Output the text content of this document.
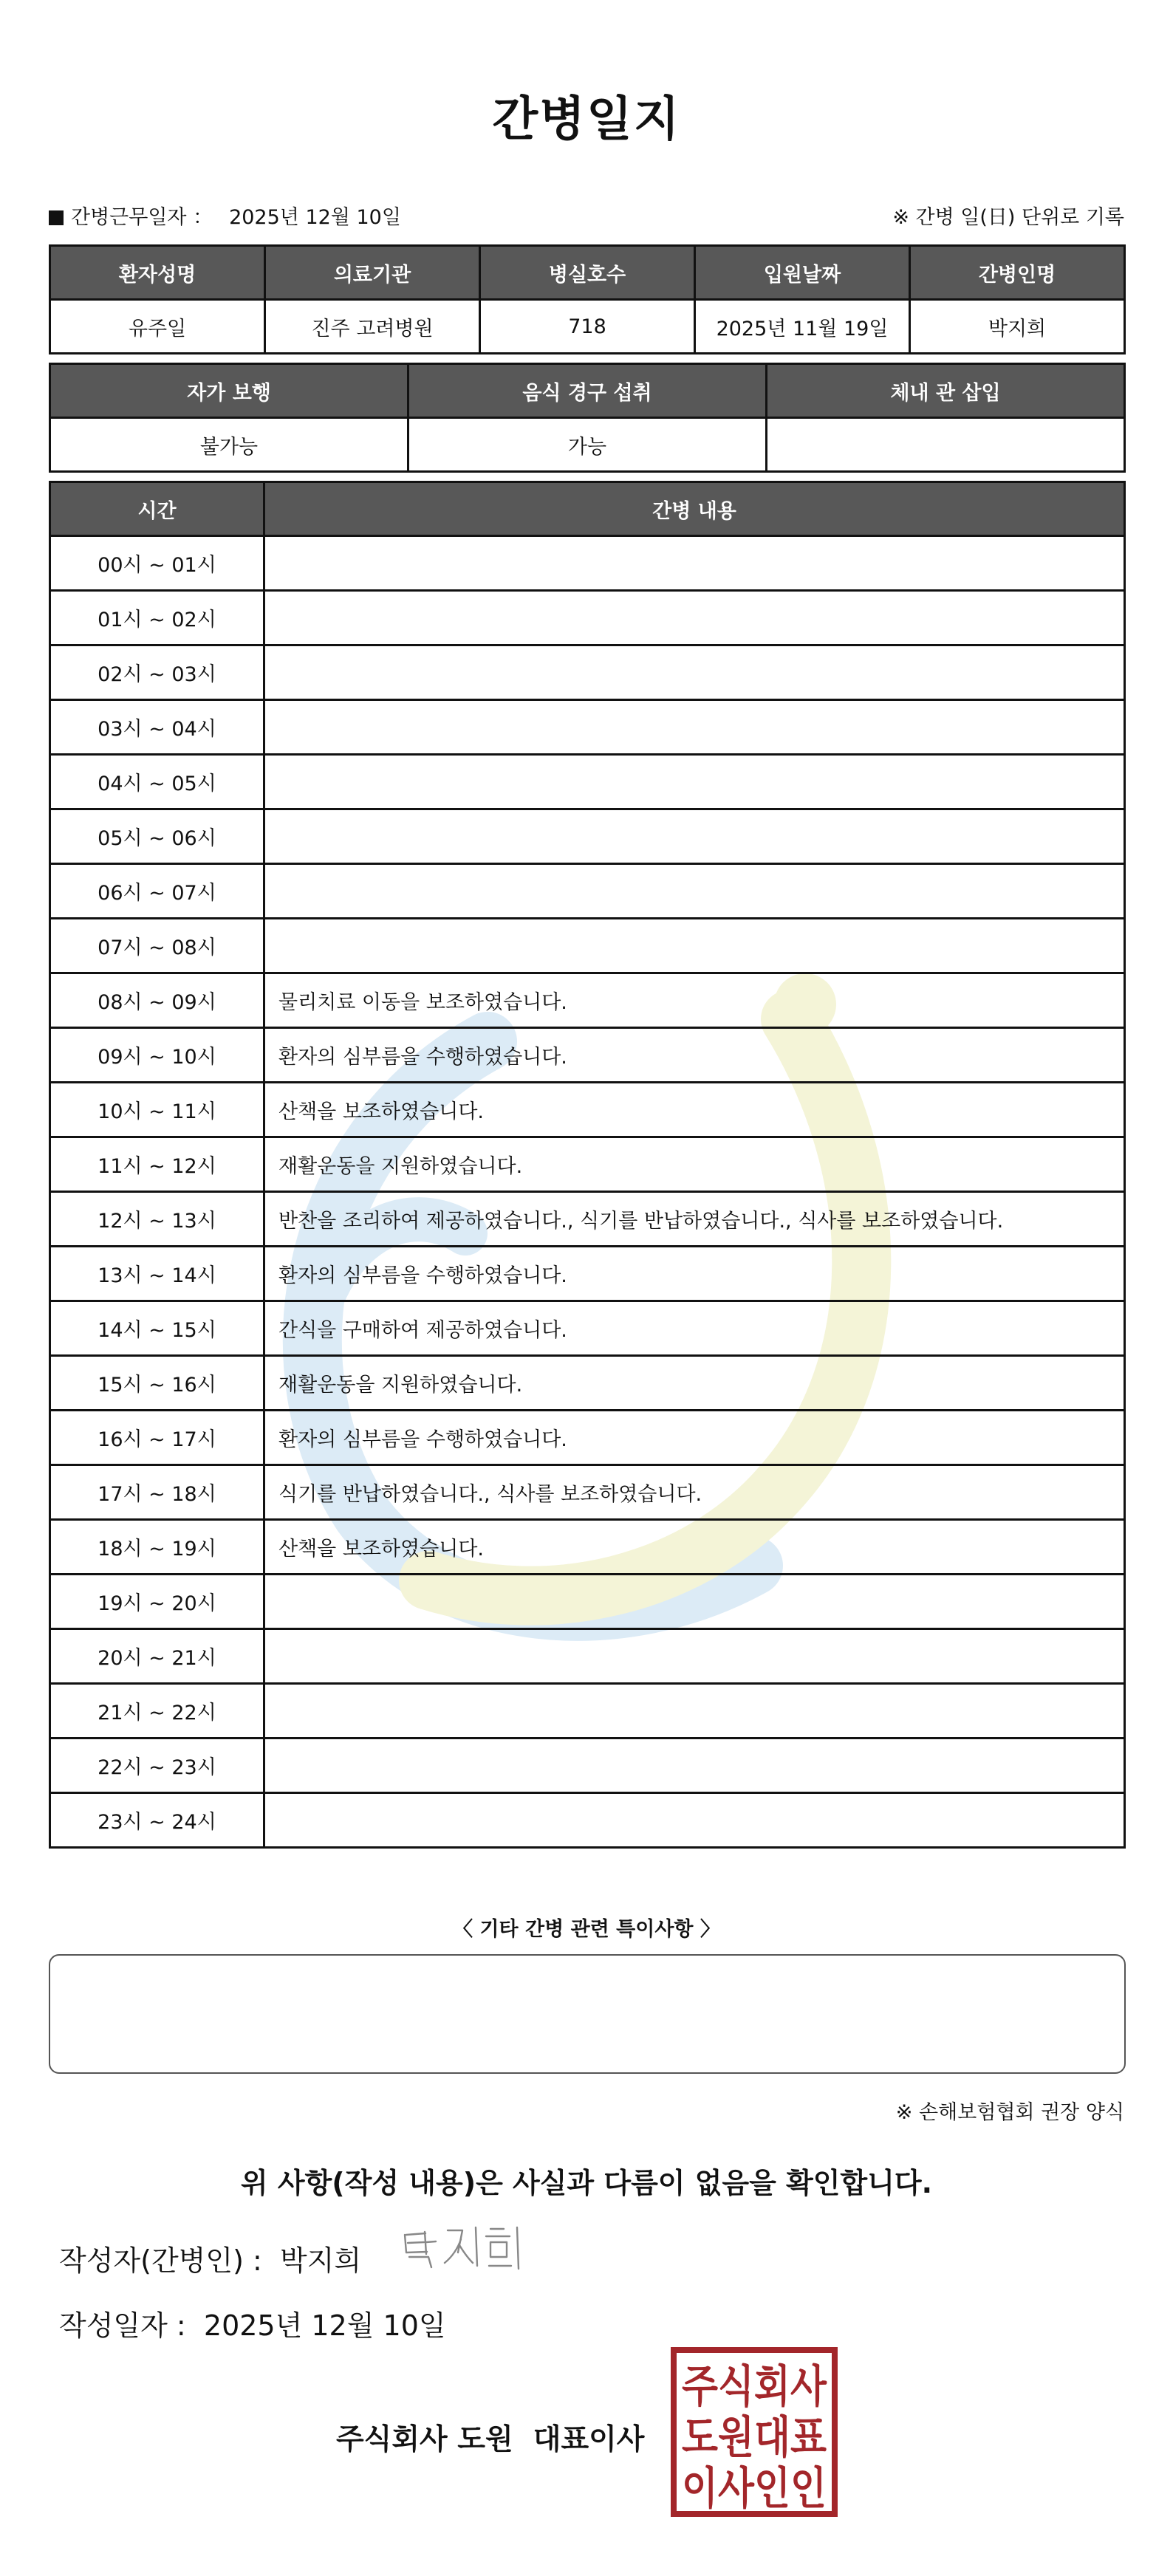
간병일지
간병근무일자 ： 2025년 12월 10일	※ 간병 일(日) 단위로 기록
환자성명	의료기관	병실호수	입원날짜	간병인명
유주일	진주 고려병원	718	2025년 11월 19일	박지희
자가 보행	음식 경구 섭취	체내 관 삽입
불가능	가능	
시간	간병 내용
00시 ~ 01시	
01시 ~ 02시	
02시 ~ 03시	
03시 ~ 04시	
04시 ~ 05시	
05시 ~ 06시	
06시 ~ 07시	
07시 ~ 08시	
08시 ~ 09시	물리치료 이동을 보조하였습니다.
09시 ~ 10시	환자의 심부름을 수행하였습니다.
10시 ~ 11시	산책을 보조하였습니다.
11시 ~ 12시	재활운동을 지원하였습니다.
12시 ~ 13시	반찬을 조리하여 제공하였습니다., 식기를 반납하였습니다., 식사를 보조하였습니다.
13시 ~ 14시	환자의 심부름을 수행하였습니다.
14시 ~ 15시	간식을 구매하여 제공하였습니다.
15시 ~ 16시	재활운동을 지원하였습니다.
16시 ~ 17시	환자의 심부름을 수행하였습니다.
17시 ~ 18시	식기를 반납하였습니다., 식사를 보조하였습니다.
18시 ~ 19시	산책을 보조하였습니다.
19시 ~ 20시	
20시 ~ 21시	
21시 ~ 22시	
22시 ~ 23시	
23시 ~ 24시	
〈 기타 간병 관련 특이사항 〉
※ 손해보험협회 권장 양식
위 사항(작성 내용)은 사실과 다름이 없음을 확인합니다.
작성자(간병인) : 박지희
작성일자 : 2025년 12월 10일
주식회사 도원 대표이사
주식회사
도원대표
이사인인
